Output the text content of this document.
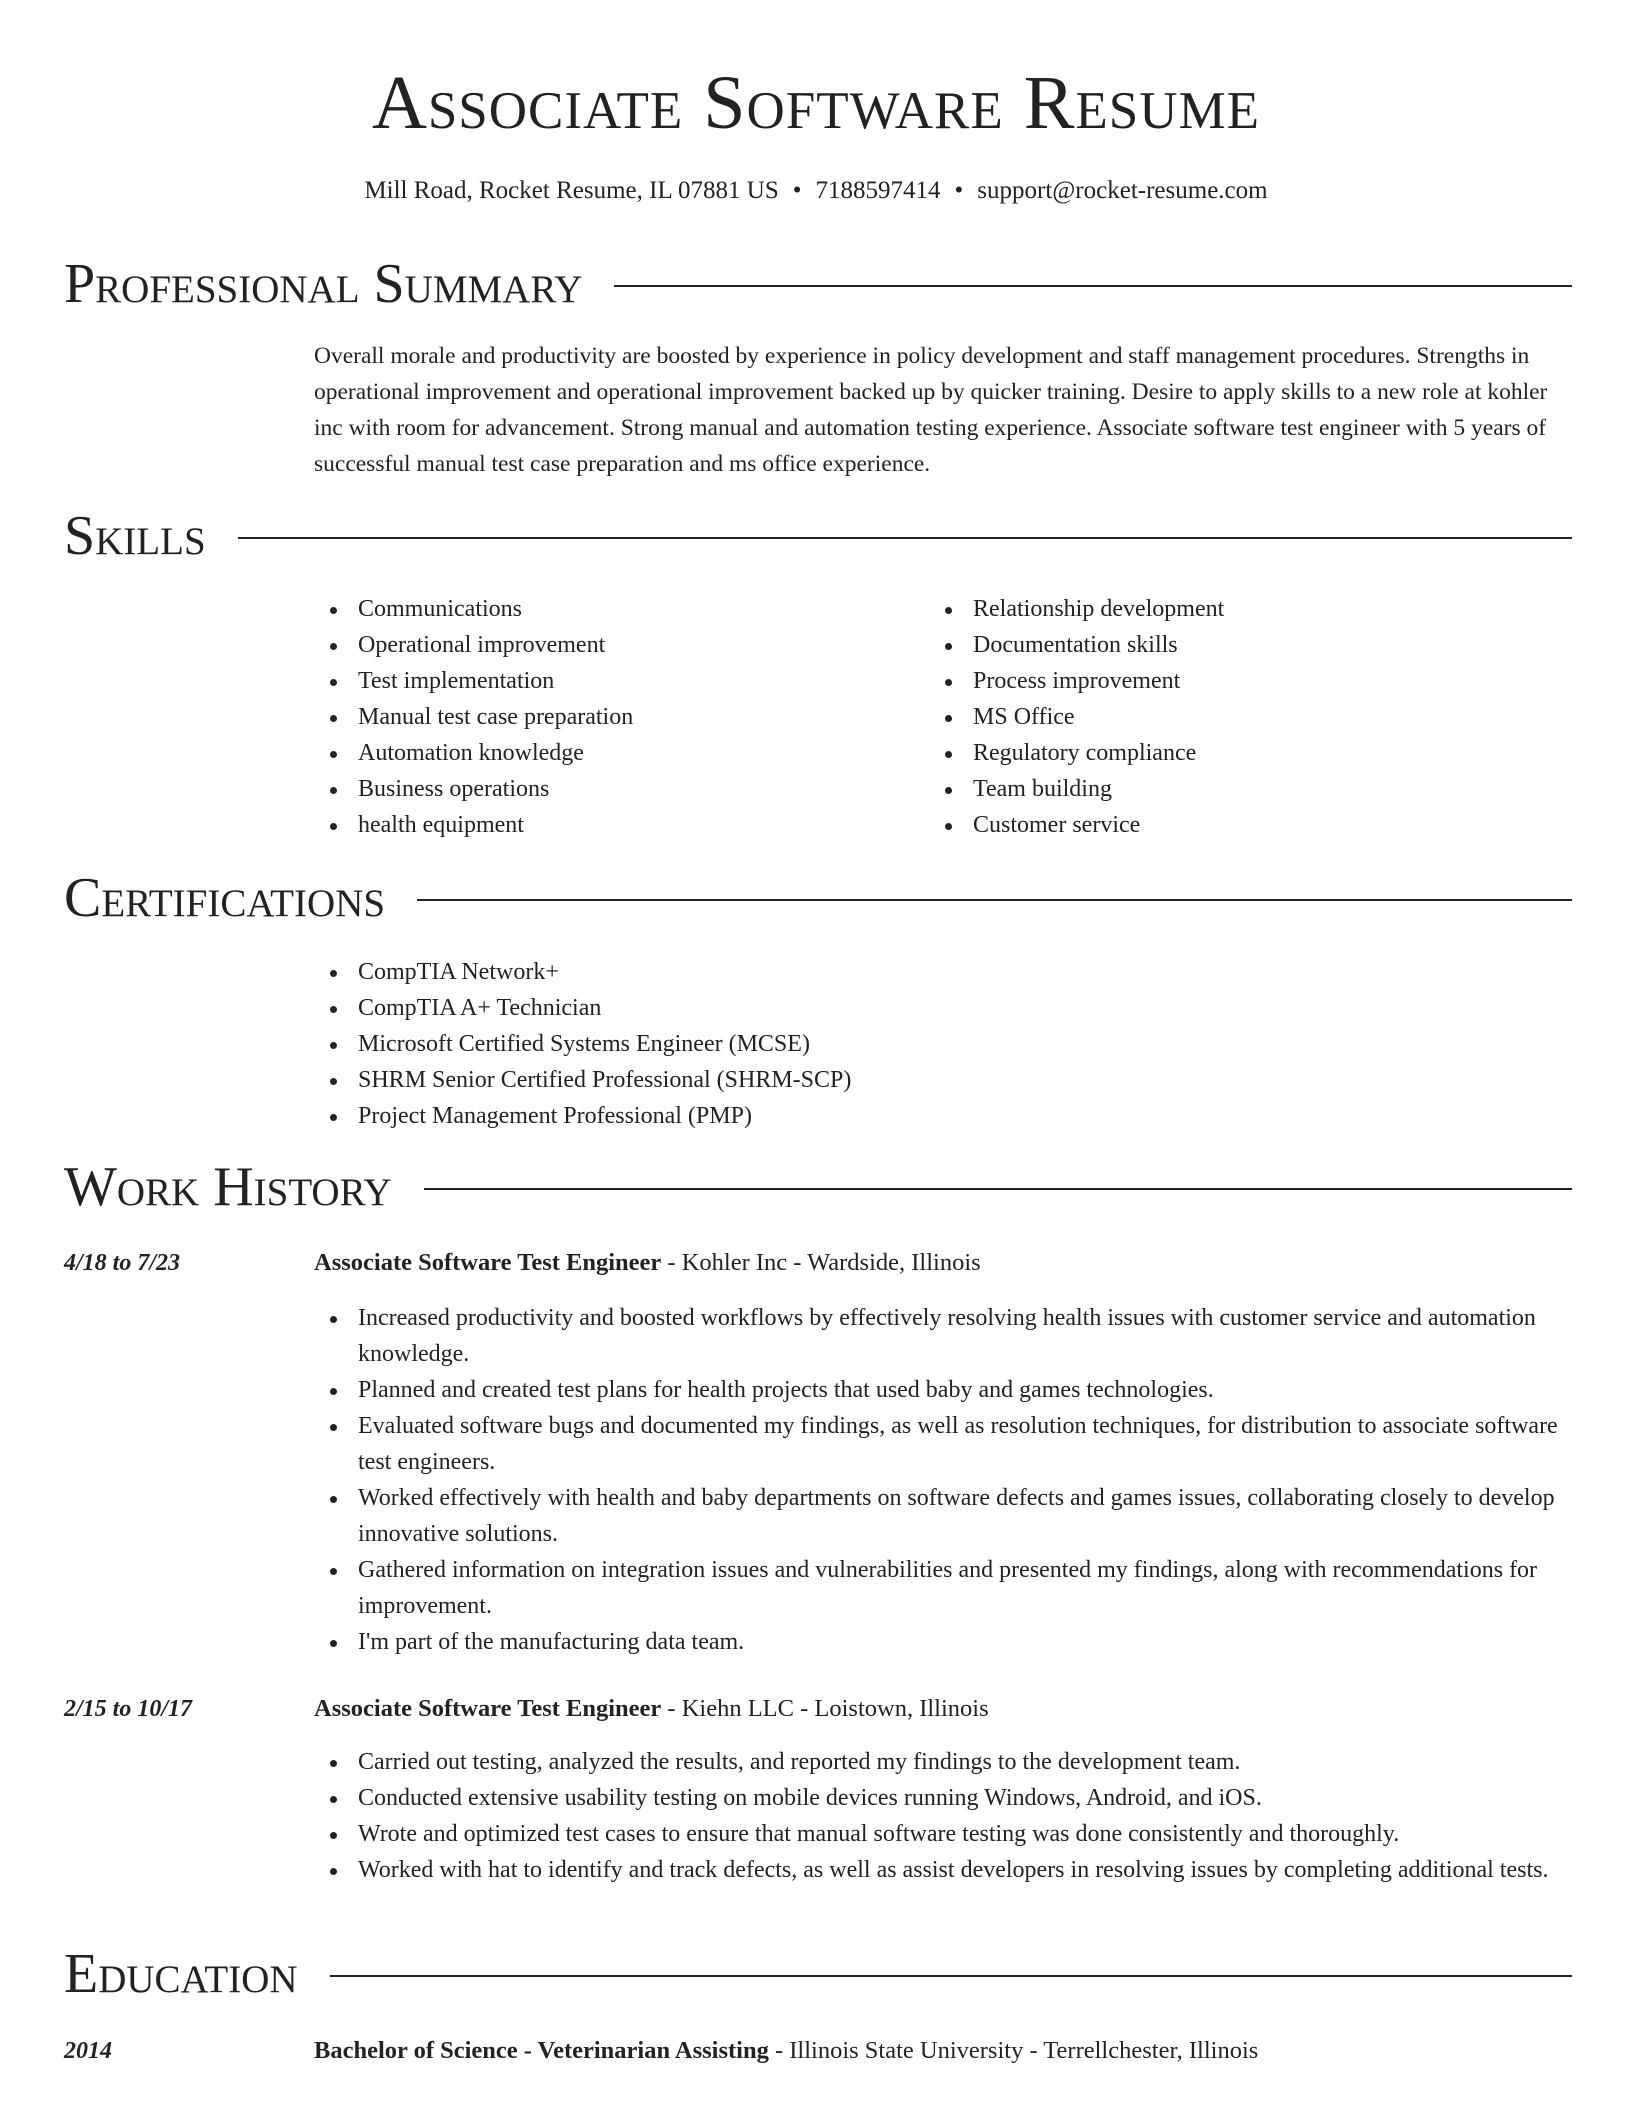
Associate Software Resume
Mill Road, Rocket Resume, IL 07881 US • 7188597414 • support@rocket-resume.com
Professional Summary

Overall morale and productivity are boosted by experience in policy development and staff management procedures. Strengths in operational improvement and operational improvement backed up by quicker training. Desire to apply skills to a new role at kohler inc with room for advancement. Strong manual and automation testing experience. Associate software test engineer with 5 years of successful manual test case preparation and ms office experience.

Skills
Communications
Operational improvement
Test implementation
Manual test case preparation
Automation knowledge
Business operations
health equipment
Relationship development
Documentation skills
Process improvement
MS Office
Regulatory compliance
Team building
Customer service
Certifications
CompTIA Network+
CompTIA A+ Technician
Microsoft Certified Systems Engineer (MCSE)
SHRM Senior Certified Professional (SHRM-SCP)
Project Management Professional (PMP)
Work History
4/18 to 7/23	Associate Software Test Engineer - Kohler Inc - Wardside, Illinois
Increased productivity and boosted workflows by effectively resolving health issues with customer service and automation knowledge.
Planned and created test plans for health projects that used baby and games technologies.
Evaluated software bugs and documented my findings, as well as resolution techniques, for distribution to associate software test engineers.
Worked effectively with health and baby departments on software defects and games issues, collaborating closely to develop innovative solutions.
Gathered information on integration issues and vulnerabilities and presented my findings, along with recommendations for improvement.
I'm part of the manufacturing data team.
2/15 to 10/17	Associate Software Test Engineer - Kiehn LLC - Loistown, Illinois
Carried out testing, analyzed the results, and reported my findings to the development team.
Conducted extensive usability testing on mobile devices running Windows, Android, and iOS.
Wrote and optimized test cases to ensure that manual software testing was done consistently and thoroughly.
Worked with hat to identify and track defects, as well as assist developers in resolving issues by completing additional tests.
Education
2014	Bachelor of Science - Veterinarian Assisting - Illinois State University - Terrellchester, Illinois
